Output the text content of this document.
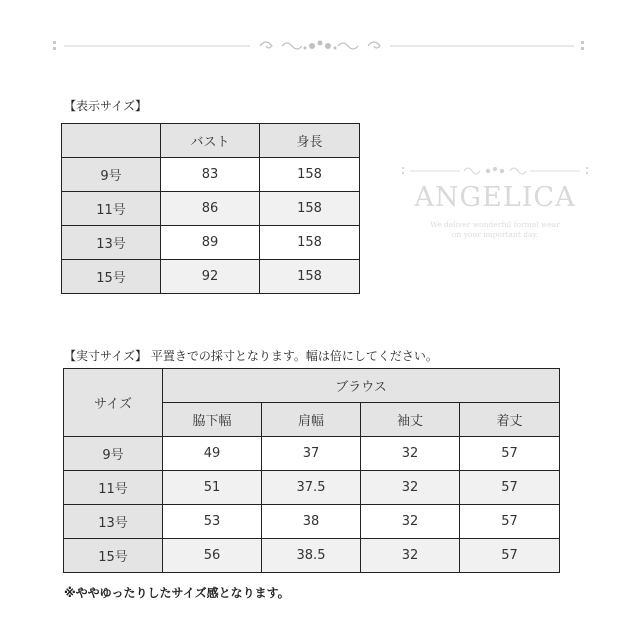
【表示サイズ】
	バスト	身長
9号	83	158
11号	86	158
13号	89	158
15号	92	158
ANGELICA
We deliver wonderful formal wear
on your important day.
【実寸サイズ】 平置きでの採寸となります。幅は倍にしてください。
サイズ	ブラウス			
	脇下幅	肩幅	袖丈	着丈
9号	49	37	32	57
11号	51	37.5	32	57
13号	53	38	32	57
15号	56	38.5	32	57
※ややゆったりしたサイズ感となります。
